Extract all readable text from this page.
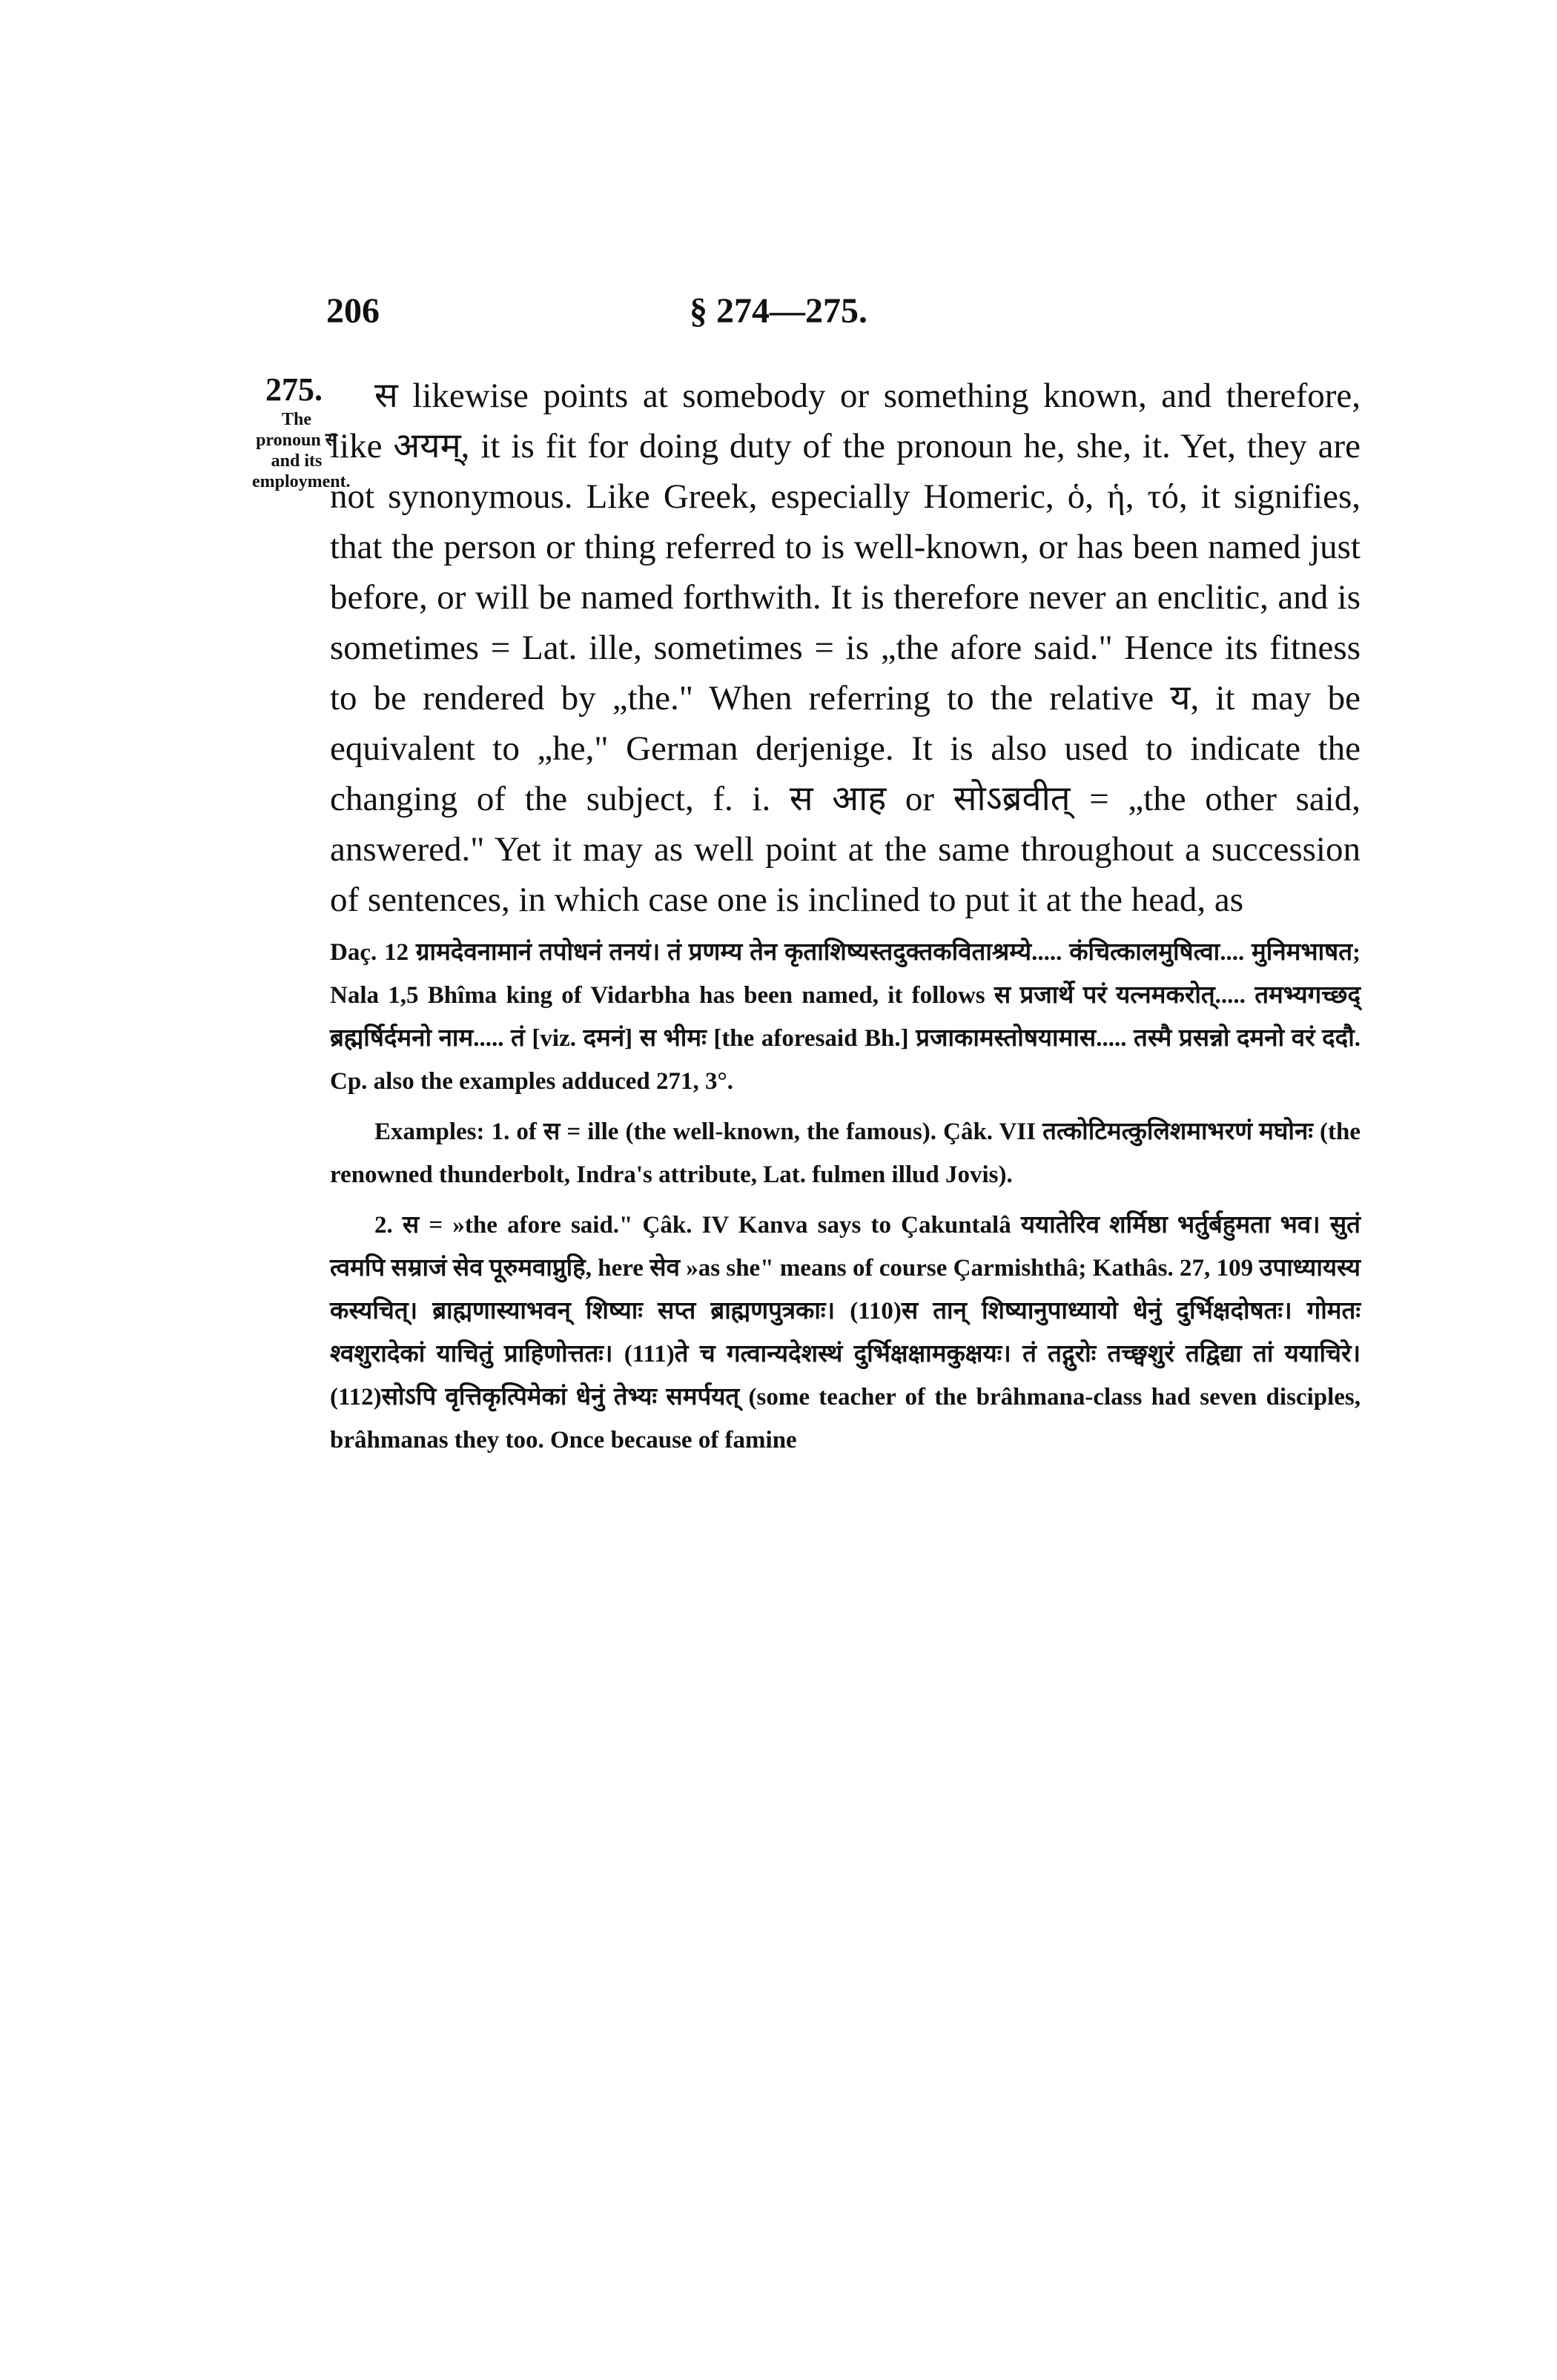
206	§ 274—275.
275.
The pronoun स and its employment.

स likewise points at somebody or something known, and therefore, like अयम्, it is fit for doing duty of the pronoun he, she, it. Yet, they are not synonymous. Like Greek, especially Homeric, ὁ, ἡ, τό, it signifies, that the person or thing referred to is well-known, or has been named just before, or will be named forthwith. It is therefore never an enclitic, and is sometimes = Lat. ille, sometimes = is „the afore said." Hence its fitness to be rendered by „the." When referring to the relative य, it may be equivalent to „he," German derjenige. It is also used to indicate the changing of the subject, f. i. स आह or सोऽब्रवीत् = „the other said, answered." Yet it may as well point at the same throughout a succession of sentences, in which case one is inclined to put it at the head, as

Daç. 12 ग्रामदेवनामानं तपोधनं तनयं। तं प्रणम्य तेन कृताशिष्यस्तदुक्तकविताश्रम्ये..... कंचित्कालमुषित्वा.... मुनिमभाषत; Nala 1,5 Bhîma king of Vidarbha has been named, it follows स प्रजार्थे परं यत्नमकरोत्..... तमभ्यगच्छद् ब्रह्मर्षिर्दमनो नाम..... तं [viz. दमनं] स भीमः [the aforesaid Bh.] प्रजाकामस्तोषयामास..... तस्मै प्रसन्नो दमनो वरं ददौ. Cp. also the examples adduced 271, 3°.

Examples: 1. of स = ille (the well-known, the famous). Çâk. VII तत्कोटिमत्कुलिशमाभरणं मघोनः (the renowned thunderbolt, Indra's attribute, Lat. fulmen illud Jovis).

2. स = »the afore said." Çâk. IV Kanva says to Çakuntalâ ययातेरिव शर्मिष्ठा भर्तुर्बहुमता भव। सुतं त्वमपि सम्राजं सेव पूरुमवाप्नुहि, here सेव »as she" means of course Çarmishthâ; Kathâs. 27, 109 उपाध्यायस्य कस्यचित्। ब्राह्मणास्याभवन् शिष्याः सप्त ब्राह्मणपुत्रकाः। (110)स तान् शिष्यानुपाध्यायो धेनुं दुर्भिक्षदोषतः। गोमतः श्वशुरादेकां याचितुं प्राहिणोत्ततः। (111)ते च गत्वान्यदेशस्थं दुर्भिक्षक्षामकुक्षयः। तं तद्गुरोः तच्छ्वशुरं तद्विद्या तां ययाचिरे। (112)सोऽपि वृत्तिकृत्पिमेकां धेनुं तेभ्यः समर्पयत् (some teacher of the brâhmana-class had seven disciples, brâhmanas they too. Once because of famine
